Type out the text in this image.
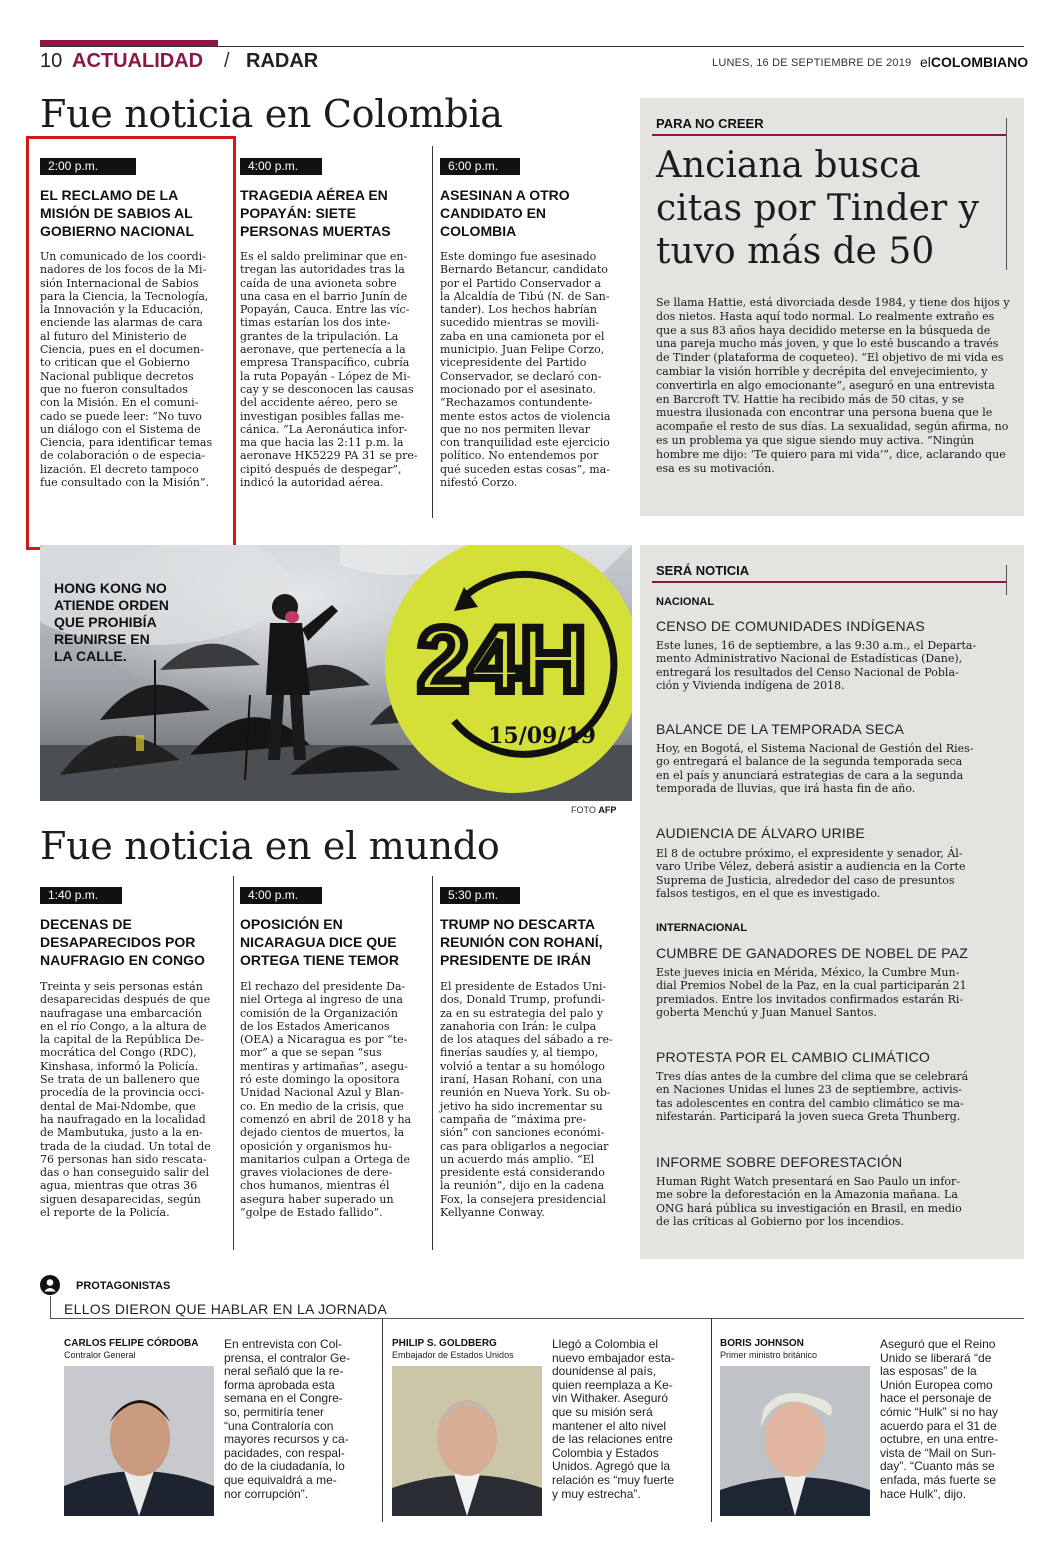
10 ACTUALIDAD / RADAR	LUNES, 16 DE SEPTIEMBRE DE 2019 elCOLOMBIANO
Fue noticia en Colombia
2:00 p.m.
EL RECLAMO DE LA MISIÓN DE SABIOS AL GOBIERNO NACIONAL
Un comunicado de los coordi-
nadores de los focos de la Mi-
sión Internacional de Sabios
para la Ciencia, la Tecnología,
la Innovación y la Educación,
enciende las alarmas de cara
al futuro del Ministerio de
Ciencia, pues en el documen-
to critican que el Gobierno
Nacional publique decretos
que no fueron consultados
con la Misión. En el comuni-
cado se puede leer: “No tuvo
un diálogo con el Sistema de
Ciencia, para identificar temas
de colaboración o de especia-
lización. El decreto tampoco
fue consultado con la Misión”.
4:00 p.m.
TRAGEDIA AÉREA EN POPAYÁN: SIETE PERSONAS MUERTAS
Es el saldo preliminar que en-
tregan las autoridades tras la
caída de una avioneta sobre
una casa en el barrio Junín de
Popayán, Cauca. Entre las víc-
timas estarían los dos inte-
grantes de la tripulación. La
aeronave, que pertenecía a la
empresa Transpacífico, cubría
la ruta Popayán - López de Mi-
cay y se desconocen las causas
del accidente aéreo, pero se
investigan posibles fallas me-
cánica. “La Aeronáutica infor-
ma que hacia las 2:11 p.m. la
aeronave HK5229 PA 31 se pre-
cipitó después de despegar”,
indicó la autoridad aérea.
6:00 p.m.
ASESINAN A OTRO CANDIDATO EN COLOMBIA
Este domingo fue asesinado
Bernardo Betancur, candidato
por el Partido Conservador a
la Alcaldía de Tibú (N. de San-
tander). Los hechos habrían
sucedido mientras se movili-
zaba en una camioneta por el
municipio. Juan Felipe Corzo,
vicepresidente del Partido
Conservador, se declaró con-
mocionado por el asesinato.
“Rechazamos contundente-
mente estos actos de violencia
que no nos permiten llevar
con tranquilidad este ejercicio
político. No entendemos por
qué suceden estas cosas”, ma-
nifestó Corzo.
PARA NO CREER
Anciana busca citas por Tinder y tuvo más de 50
Se llama Hattie, está divorciada desde 1984, y tiene dos hijos y dos nietos. Hasta aquí todo normal. Lo realmente extraño es que a sus 83 años haya decidido meterse en la búsqueda de una pareja mucho más joven, y que lo esté buscando a través de Tinder (plataforma de coqueteo). “El objetivo de mi vida es cambiar la visión horrible y decrépita del envejecimiento, y convertirla en algo emocionante”, aseguró en una entrevista en Barcroft TV. Hattie ha recibido más de 50 citas, y se muestra ilusionada con encontrar una persona buena que le acompañe el resto de sus días. La sexualidad, según afirma, no es un problema ya que sigue siendo muy activa. “Ningún hombre me dijo: ‘Te quiero para mi vida’”, dice, aclarando que esa es su motivación.
24H
15/09/19
HONG KONG NO
ATIENDE ORDEN
QUE PROHIBÍA
REUNIRSE EN
LA CALLE.
FOTO AFP
SERÁ NOTICIA
NACIONAL
CENSO DE COMUNIDADES INDÍGENAS
Este lunes, 16 de septiembre, a las 9:30 a.m., el Departa-
mento Administrativo Nacional de Estadísticas (Dane),
entregará los resultados del Censo Nacional de Pobla-
ción y Vivienda indígena de 2018.
BALANCE DE LA TEMPORADA SECA
Hoy, en Bogotá, el Sistema Nacional de Gestión del Ries-
go entregará el balance de la segunda temporada seca
en el país y anunciará estrategias de cara a la segunda
temporada de lluvias, que irá hasta fin de año.
AUDIENCIA DE ÁLVARO URIBE
El 8 de octubre próximo, el expresidente y senador, Ál-
varo Uribe Vélez, deberá asistir a audiencia en la Corte
Suprema de Justicia, alrededor del caso de presuntos
falsos testigos, en el que es investigado.
INTERNACIONAL
CUMBRE DE GANADORES DE NOBEL DE PAZ
Este jueves inicia en Mérida, México, la Cumbre Mun-
dial Premios Nobel de la Paz, en la cual participarán 21
premiados. Entre los invitados confirmados estarán Ri-
goberta Menchú y Juan Manuel Santos.
PROTESTA POR EL CAMBIO CLIMÁTICO
Tres días antes de la cumbre del clima que se celebrará
en Naciones Unidas el lunes 23 de septiembre, activis-
tas adolescentes en contra del cambio climático se ma-
nifestarán. Participará la joven sueca Greta Thunberg.
INFORME SOBRE DEFORESTACIÓN
Human Right Watch presentará en Sao Paulo un infor-
me sobre la deforestación en la Amazonia mañana. La
ONG hará pública su investigación en Brasil, en medio
de las críticas al Gobierno por los incendios.
Fue noticia en el mundo
1:40 p.m.
DECENAS DE DESAPARECIDOS POR NAUFRAGIO EN CONGO
Treinta y seis personas están
desaparecidas después de que
naufragase una embarcación
en el río Congo, a la altura de
la capital de la República De-
mocrática del Congo (RDC),
Kinshasa, informó la Policía.
Se trata de un ballenero que
procedía de la provincia occi-
dental de Mai-Ndombe, que
ha naufragado en la localidad
de Mambutuka, justo a la en-
trada de la ciudad. Un total de
76 personas han sido rescata-
das o han conseguido salir del
agua, mientras que otras 36
siguen desaparecidas, según
el reporte de la Policía.
4:00 p.m.
OPOSICIÓN EN NICARAGUA DICE QUE ORTEGA TIENE TEMOR
El rechazo del presidente Da-
niel Ortega al ingreso de una
comisión de la Organización
de los Estados Americanos
(OEA) a Nicaragua es por “te-
mor” a que se sepan “sus
mentiras y artimañas”, asegu-
ró este domingo la opositora
Unidad Nacional Azul y Blan-
co. En medio de la crisis, que
comenzó en abril de 2018 y ha
dejado cientos de muertos, la
oposición y organismos hu-
manitarios culpan a Ortega de
graves violaciones de dere-
chos humanos, mientras él
asegura haber superado un
“golpe de Estado fallido”.
5:30 p.m.
TRUMP NO DESCARTA REUNIÓN CON ROHANÍ, PRESIDENTE DE IRÁN
El presidente de Estados Uni-
dos, Donald Trump, profundi-
za en su estrategia del palo y
zanahoria con Irán: le culpa
de los ataques del sábado a re-
finerías saudíes y, al tiempo,
volvió a tentar a su homólogo
iraní, Hasan Rohaní, con una
reunión en Nueva York. Su ob-
jetivo ha sido incrementar su
campaña de “máxima pre-
sión” con sanciones económi-
cas para obligarlos a negociar
un acuerdo más amplio. “El
presidente está considerando
la reunión”, dijo en la cadena
Fox, la consejera presidencial
Kellyanne Conway.
PROTAGONISTAS
ELLOS DIERON QUE HABLAR EN LA JORNADA
CARLOS FELIPE CÓRDOBA
Contralor General
En entrevista con Col-
prensa, el contralor Ge-
neral señaló que la re-
forma aprobada esta
semana en el Congre-
so, permitiría tener
“una Contraloría con
mayores recursos y ca-
pacidades, con respal-
do de la ciudadanía, lo
que equivaldrá a me-
nor corrupción”.
PHILIP S. GOLDBERG
Embajador de Estados Unidos
Llegó a Colombia el
nuevo embajador esta-
dounidense al país,
quien reemplaza a Ke-
vin Withaker. Aseguró
que su misión será
mantener el alto nivel
de las relaciones entre
Colombia y Estados
Unidos. Agregó que la
relación es “muy fuerte
y muy estrecha”.
BORIS JOHNSON
Primer ministro británico
Aseguró que el Reino
Unido se liberará “de
las esposas” de la
Unión Europea como
hace el personaje de
cómic “Hulk” si no hay
acuerdo para el 31 de
octubre, en una entre-
vista de “Mail on Sun-
day”. “Cuanto más se
enfada, más fuerte se
hace Hulk”, dijo.
